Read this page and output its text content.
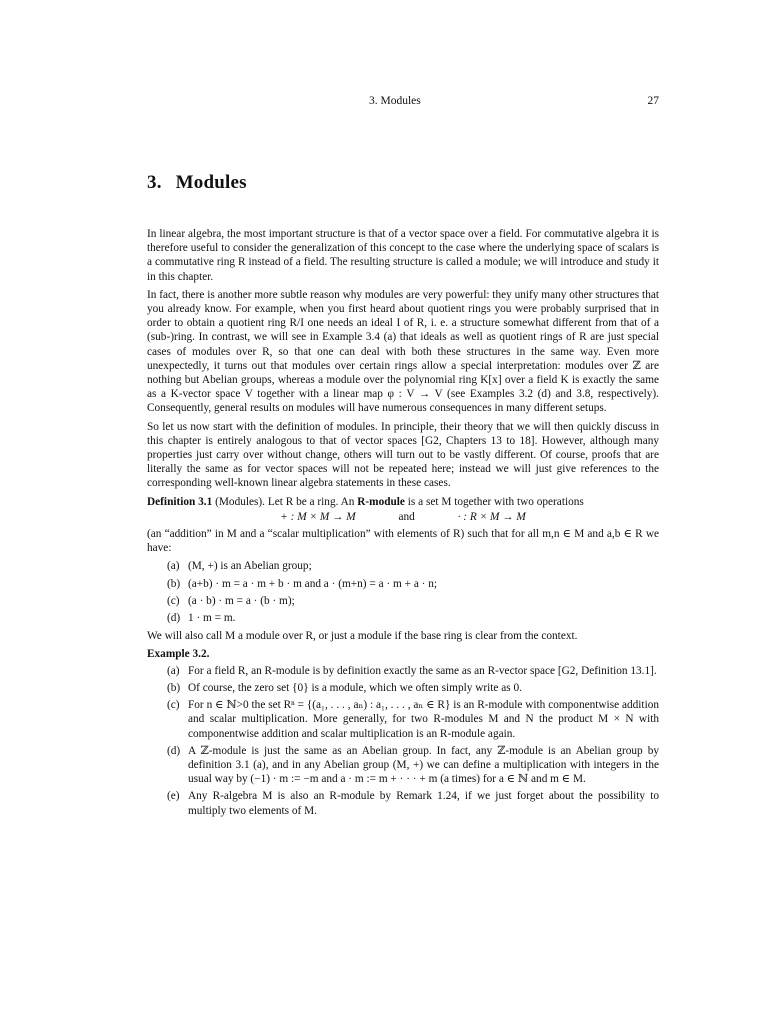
3. Modules	27
3. Modules

In linear algebra, the most important structure is that of a vector space over a field. For commutative algebra it is therefore useful to consider the generalization of this concept to the case where the underlying space of scalars is a commutative ring R instead of a field. The resulting structure is called a module; we will introduce and study it in this chapter.

In fact, there is another more subtle reason why modules are very powerful: they unify many other structures that you already know. For example, when you first heard about quotient rings you were probably surprised that in order to obtain a quotient ring R/I one needs an ideal I of R, i. e. a structure somewhat different from that of a (sub-)ring. In contrast, we will see in Example 3.4 (a) that ideals as well as quotient rings of R are just special cases of modules over R, so that one can deal with both these structures in the same way. Even more unexpectedly, it turns out that modules over certain rings allow a special interpretation: modules over ℤ are nothing but Abelian groups, whereas a module over the polynomial ring K[x] over a field K is exactly the same as a K-vector space V together with a linear map φ : V → V (see Examples 3.2 (d) and 3.8, respectively). Consequently, general results on modules will have numerous consequences in many different setups.

So let us now start with the definition of modules. In principle, their theory that we will then quickly discuss in this chapter is entirely analogous to that of vector spaces [G2, Chapters 13 to 18]. However, although many properties just carry over without change, others will turn out to be vastly different. Of course, proofs that are literally the same as for vector spaces will not be repeated here; instead we will just give references to the corresponding well-known linear algebra statements in these cases.

Definition 3.1 (Modules). Let R be a ring. An R-module is a set M together with two operations

+ : M × M → M	and	· : R × M → M

(an “addition” in M and a “scalar multiplication” with elements of R) such that for all m,n ∈ M and a,b ∈ R we have:

(a) (M, +) is an Abelian group;
(b) (a+b) · m = a · m + b · m and a · (m+n) = a · m + a · n;
(c) (a · b) · m = a · (b · m);
(d) 1 · m = m.

We will also call M a module over R, or just a module if the base ring is clear from the context.

Example 3.2.

(a) For a field R, an R-module is by definition exactly the same as an R-vector space [G2, Definition 13.1].
(b) Of course, the zero set {0} is a module, which we often simply write as 0.
(c) For n ∈ ℕ>0 the set Rⁿ = {(a₁, . . . , aₙ) : a₁, . . . , aₙ ∈ R} is an R-module with componentwise addition and scalar multiplication. More generally, for two R-modules M and N the product M × N with componentwise addition and scalar multiplication is an R-module again.
(d) A ℤ-module is just the same as an Abelian group. In fact, any ℤ-module is an Abelian group by definition 3.1 (a), and in any Abelian group (M, +) we can define a multiplication with integers in the usual way by (−1) · m := −m and a · m := m + · · · + m (a times) for a ∈ ℕ and m ∈ M.
(e) Any R-algebra M is also an R-module by Remark 1.24, if we just forget about the possibility to multiply two elements of M.
